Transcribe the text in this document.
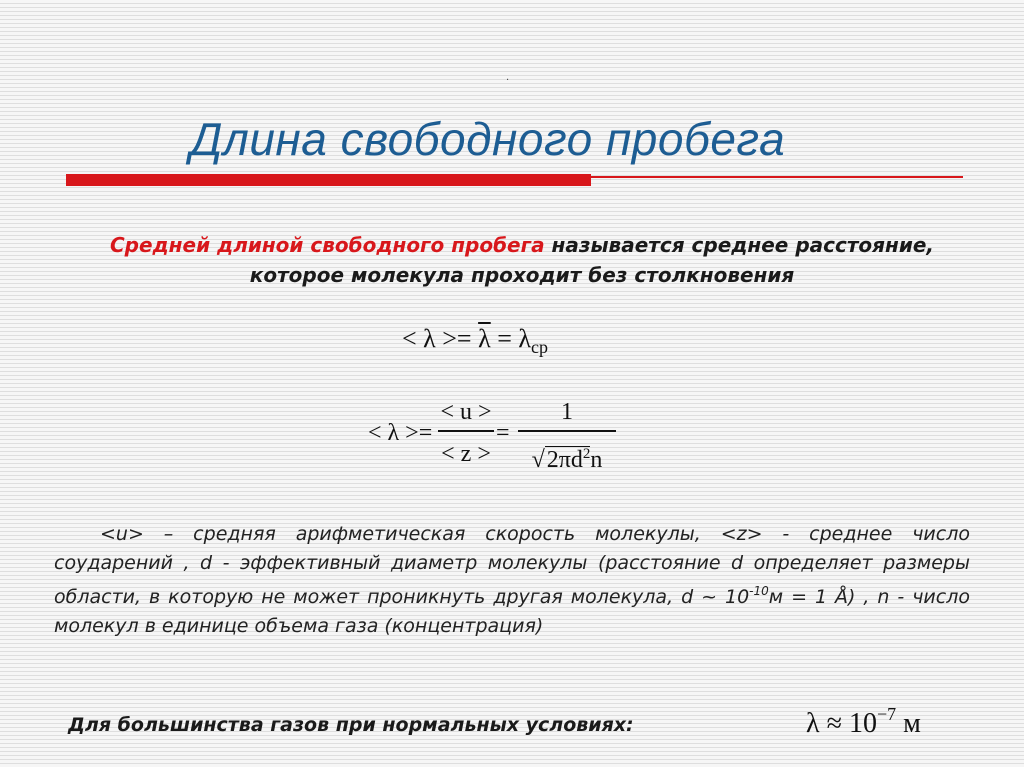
.
Длина свободного пробега

Средней длиной свободного пробега называется среднее расстояние, которое молекула проходит без столкновения

< $\lambda >= \overline{\lambda} = \lambda_{ср}$
< λ >=
< u >
< z >
=
1
$√2\pi d^2n$

<u> – средняя арифметическая скорость молекулы, <z> - среднее число соударений , d - эффективный диаметр молекулы (расстояние d определяет размеры области, в которую не может проникнуть другая молекула, d ~ $10^{-10}м = 1$ Å) , n - число молекул в единице объема газа (концентрация)

Для большинства газов при нормальных условиях:	$\lambda \approx 10^{-7}$ м
